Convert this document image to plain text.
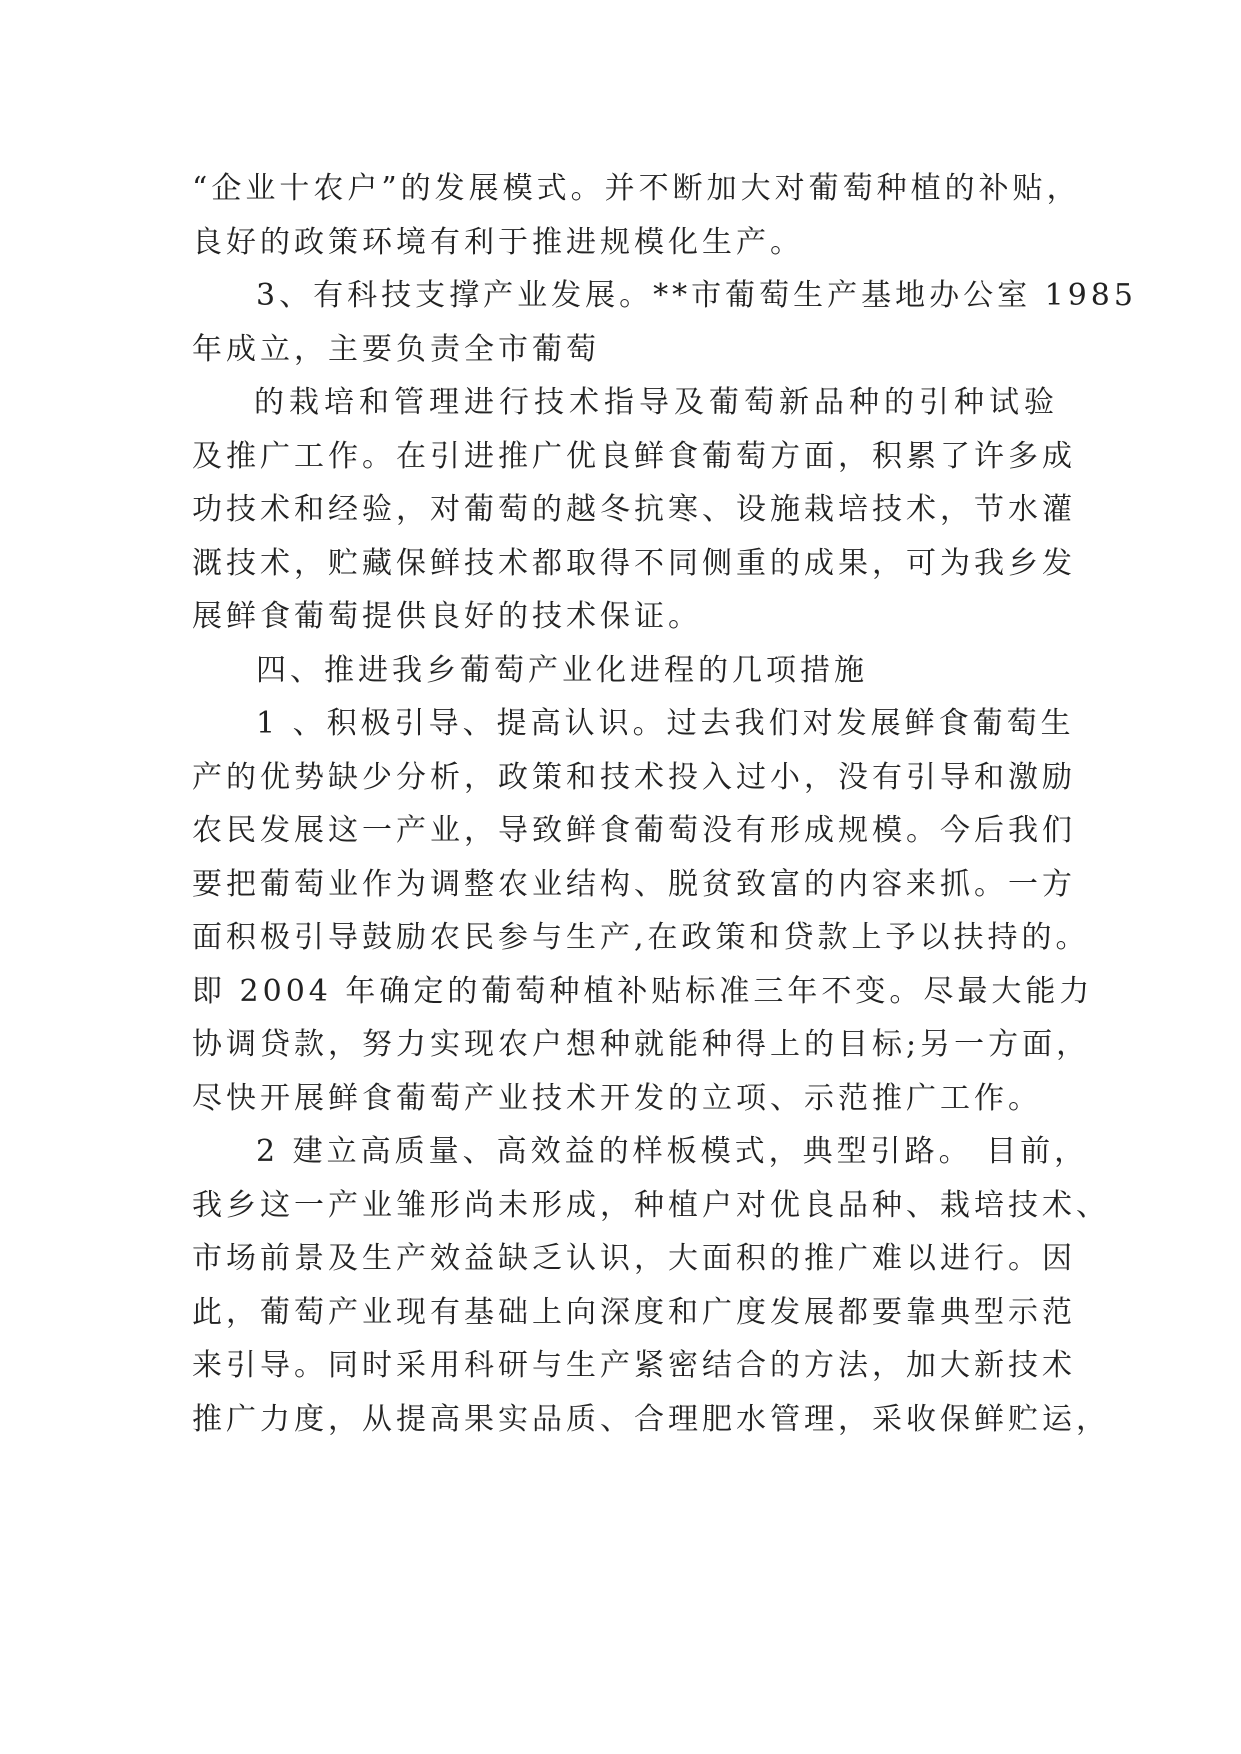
“企业十农户”的发展模式。并不断加大对葡萄种植的补贴，
良好的政策环境有利于推进规模化生产。
3、有科技支撑产业发展。**市葡萄生产基地办公室 1985
年成立，主要负责全市葡萄
的栽培和管理进行技术指导及葡萄新品种的引种试验
及推广工作。在引进推广优良鲜食葡萄方面，积累了许多成
功技术和经验，对葡萄的越冬抗寒、设施栽培技术，节水灌
溉技术，贮藏保鲜技术都取得不同侧重的成果，可为我乡发
展鲜食葡萄提供良好的技术保证。
四、推进我乡葡萄产业化进程的几项措施
1 、积极引导、提高认识。过去我们对发展鲜食葡萄生
产的优势缺少分析，政策和技术投入过小，没有引导和激励
农民发展这一产业，导致鲜食葡萄没有形成规模。今后我们
要把葡萄业作为调整农业结构、脱贫致富的内容来抓。一方
面积极引导鼓励农民参与生产,在政策和贷款上予以扶持的。
即 2004 年确定的葡萄种植补贴标准三年不变。尽最大能力
协调贷款，努力实现农户想种就能种得上的目标;另一方面，
尽快开展鲜食葡萄产业技术开发的立项、示范推广工作。
2 建立高质量、高效益的样板模式，典型引路。 目前，
我乡这一产业雏形尚未形成，种植户对优良品种、栽培技术、
市场前景及生产效益缺乏认识，大面积的推广难以进行。因
此，葡萄产业现有基础上向深度和广度发展都要靠典型示范
来引导。同时采用科研与生产紧密结合的方法，加大新技术
推广力度，从提高果实品质、合理肥水管理，采收保鲜贮运，
